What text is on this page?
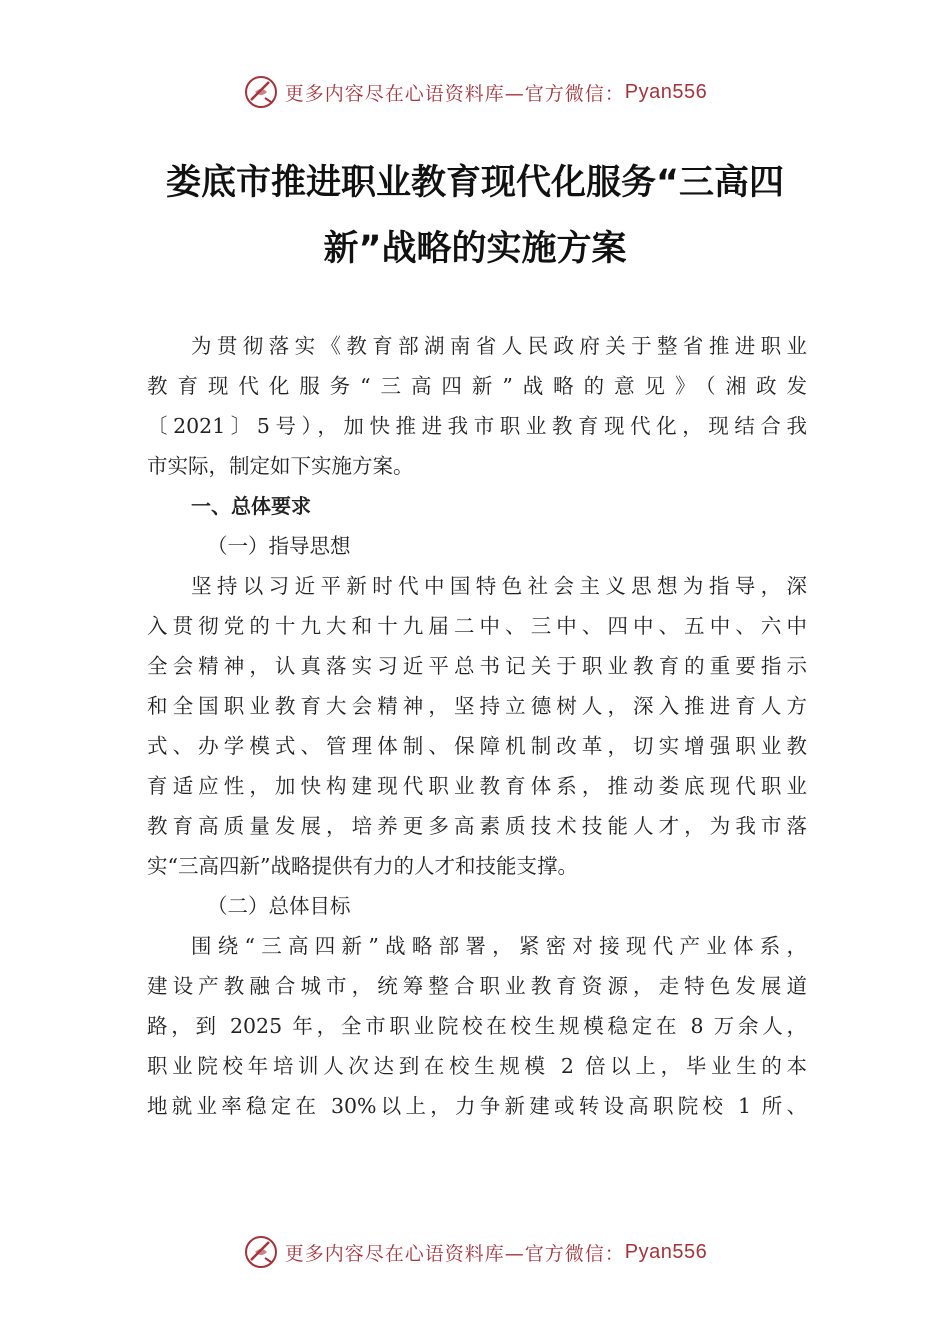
更多内容尽在心语资料库—官方微信： Pyan556
娄底市推进职业教育现代化服务“三高四
新”战略的实施方案
为贯彻落实《教育部湖南省人民政府关于整省推进职业
教育现代化服务“三高四新”战略的意见》（湘政发
〔2021〕5号），加快推进我市职业教育现代化，现结合我
市实际，制定如下实施方案。
一、总体要求
（一）指导思想
坚持以习近平新时代中国特色社会主义思想为指导，深
入贯彻党的十九大和十九届二中、三中、四中、五中、六中
全会精神，认真落实习近平总书记关于职业教育的重要指示
和全国职业教育大会精神，坚持立德树人，深入推进育人方
式、办学模式、管理体制、保障机制改革，切实增强职业教
育适应性，加快构建现代职业教育体系，推动娄底现代职业
教育高质量发展，培养更多高素质技术技能人才，为我市落
实“三高四新”战略提供有力的人才和技能支撑。
（二）总体目标
围绕“三高四新”战略部署，紧密对接现代产业体系，
建设产教融合城市，统筹整合职业教育资源，走特色发展道
路，到 2025 年，全市职业院校在校生规模稳定在 8 万余人，
职业院校年培训人次达到在校生规模 2 倍以上，毕业生的本
地就业率稳定在 30%以上，力争新建或转设高职院校 1 所、
更多内容尽在心语资料库—官方微信： Pyan556
